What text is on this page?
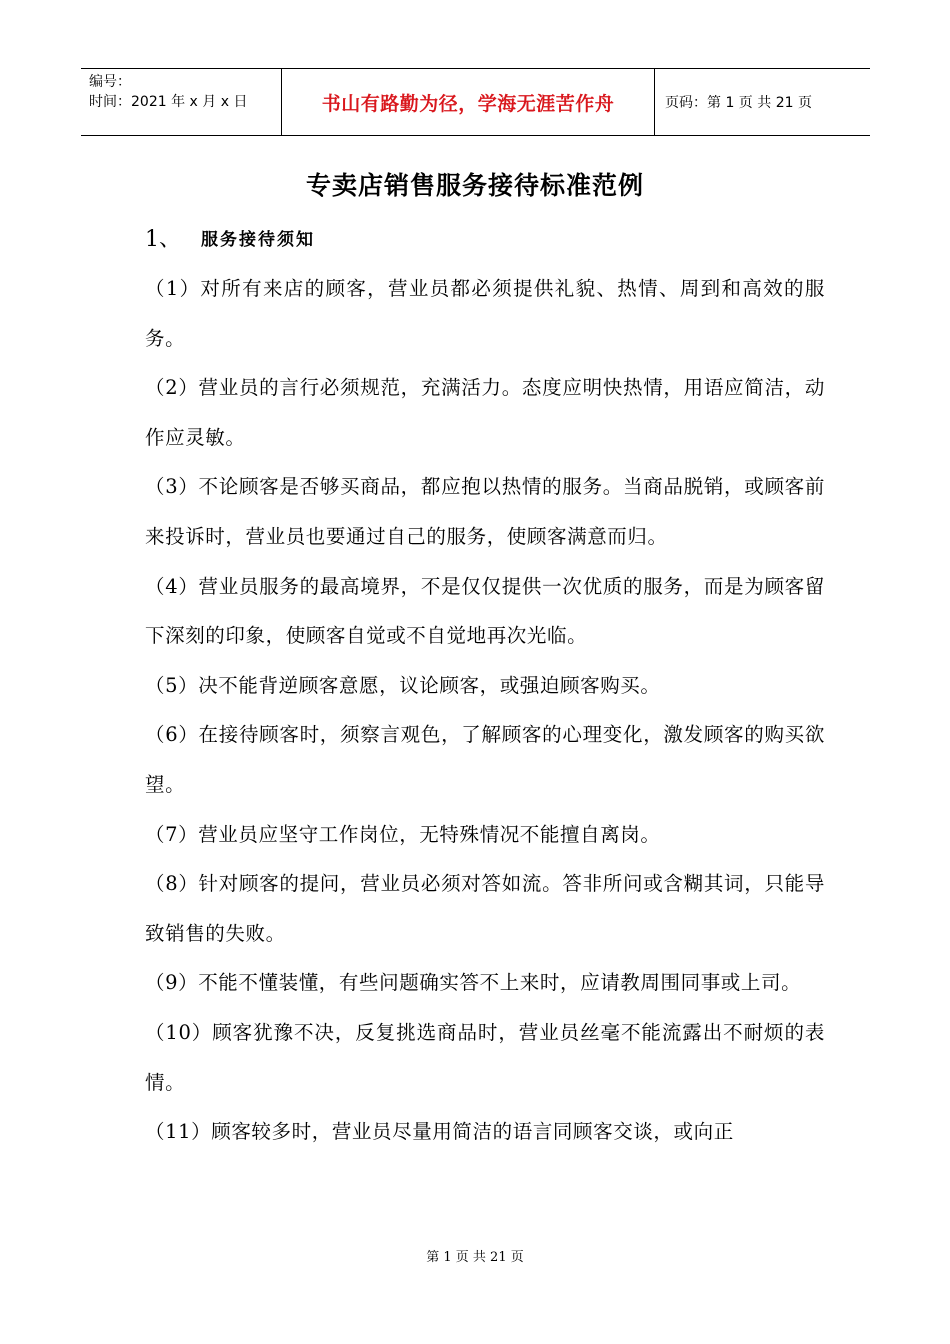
编号：
时间：2021 年 x 月 x 日	书山有路勤为径，学海无涯苦作舟	页码：第 1 页 共 21 页
专卖店销售服务接待标准范例
1、	服务接待须知

（1）对所有来店的顾客，营业员都必须提供礼貌、热情、周到和高效的服务。

（2）营业员的言行必须规范，充满活力。态度应明快热情，用语应简洁，动作应灵敏。

（3）不论顾客是否够买商品，都应抱以热情的服务。当商品脱销，或顾客前来投诉时，营业员也要通过自己的服务，使顾客满意而归。

（4）营业员服务的最高境界，不是仅仅提供一次优质的服务，而是为顾客留下深刻的印象，使顾客自觉或不自觉地再次光临。

（5）决不能背逆顾客意愿，议论顾客，或强迫顾客购买。

（6）在接待顾客时，须察言观色，了解顾客的心理变化，激发顾客的购买欲望。

（7）营业员应坚守工作岗位，无特殊情况不能擅自离岗。

（8）针对顾客的提问，营业员必须对答如流。答非所问或含糊其词，只能导致销售的失败。

（9）不能不懂装懂，有些问题确实答不上来时，应请教周围同事或上司。

（10）顾客犹豫不决，反复挑选商品时，营业员丝毫不能流露出不耐烦的表情。

（11）顾客较多时，营业员尽量用简洁的语言同顾客交谈，或向正

第 1 页 共 21 页
